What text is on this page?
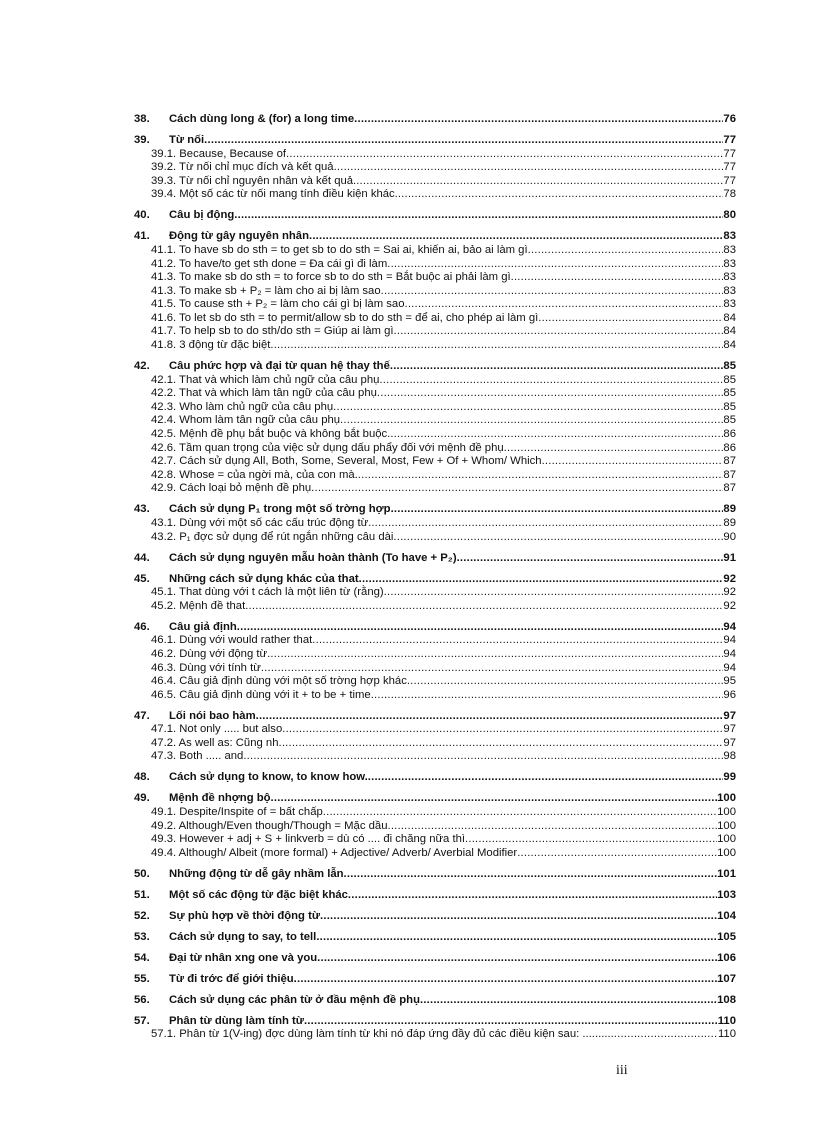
38.	Cách dùng long & (for) a long time .....	76
39.	Từ nối .....	77
39.1. Because, Because of .....	77
39.2. Từ nối chỉ mục đích và kết quả .....	77
39.3. Từ nối chỉ nguyên nhân và kết quả. .....	77
39.4. Một số các từ nối mang tính điều kiện khác. .....	78
40.	Câu bị động .....	80
41.	Động từ gây nguyên nhân .....	83
41.1. To have sb do sth = to get sb to do sth = Sai ai, khiến ai, bảo ai làm gì .....	83
41.2. To have/to get sth done = Đa cái gì đi làm .....	83
41.3. To make sb do sth = to force sb to do sth = Bắt buộc ai phải làm gì .....	83
41.3. To make sb + P₂ = làm cho ai bị làm sao .....	83
41.5. To cause sth + P₂ = làm cho cái gì bị làm sao .....	83
41.6. To let sb do sth = to permit/allow sb to do sth = để ai, cho phép ai làm gì .....	84
41.7. To help sb to do sth/do sth = Giúp ai làm gì .....	84
41.8. 3 động từ đặc biệt .....	84
42.	Câu phức hợp và đại từ quan hệ thay thế .....	85
42.1. That và which làm chủ ngữ của câu phụ .....	85
42.2. That và which làm tân ngữ của câu phụ .....	85
42.3. Who làm chủ ngữ của câu phụ .....	85
42.4. Whom làm tân ngữ của câu phụ .....	85
42.5. Mệnh đề phụ bắt buộc và không bắt buộc. .....	86
42.6. Tầm quan trọng của việc sử dụng dấu phẩy đối với mệnh đề phụ .....	86
42.7. Cách sử dụng All, Both, Some, Several, Most, Few + Of + Whom/ Which .....	87
42.8. Whose = của ngời mà, của con mà. .....	87
42.9. Cách loại bỏ mệnh đề phụ .....	87
43.	Cách sử dụng P₁ trong một số trờng hợp .....	89
43.1. Dùng với một số các cấu trúc động từ. .....	89
43.2. P₁ đợc sử dụng để rút ngắn những câu dài .....	90
44.	Cách sử dụng nguyên mẫu hoàn thành (To have + P₂) .....	91
45.	Những cách sử dụng khác của that .....	92
45.1. That dùng với t cách là một liên từ (rằng) .....	92
45.2. Mệnh đề that .....	92
46.	Câu giả định .....	94
46.1. Dùng với would rather that .....	94
46.2. Dùng với động từ .....	94
46.3. Dùng với tính từ .....	94
46.4. Câu giả định dùng với một số trờng hợp khác .....	95
46.5. Câu giả định dùng với it + to be + time .....	96
47.	Lối nói bao hàm .....	97
47.1. Not only ..... but also .....	97
47.2. As well as: Cũng nh .....	97
47.3. Both ..... and .....	98
48.	Cách sử dụng to know, to know how. .....	99
49.	Mệnh đề nhợng bộ .....	100
49.1. Despite/Inspite of = bất chấp .....	100
49.2. Although/Even though/Though = Mặc dầu .....	100
49.3. However + adj + S + linkverb = dù có .... đi chăng nữa thì .....	100
49.4. Although/ Albeit (more formal) + Adjective/ Adverb/ Averbial Modifier .....	100
50.	Những động từ dễ gây nhầm lẫn .....	101
51.	Một số các động từ đặc biệt khác .....	103
52.	Sự phù hợp về thời động từ .....	104
53.	Cách sử dụng to say, to tell .....	105
54.	Đại từ nhân xng one và you .....	106
55.	Từ đi trớc để giới thiệu .....	107
56.	Cách sử dụng các phân từ ở đầu mệnh đề phụ .....	108
57.	Phân từ dùng làm tính từ .....	110
57.1. Phân từ 1(V-ing) đợc dùng làm tính từ khi nó đáp ứng đầy đủ các điều kiện sau: .......... .....	110
iii
